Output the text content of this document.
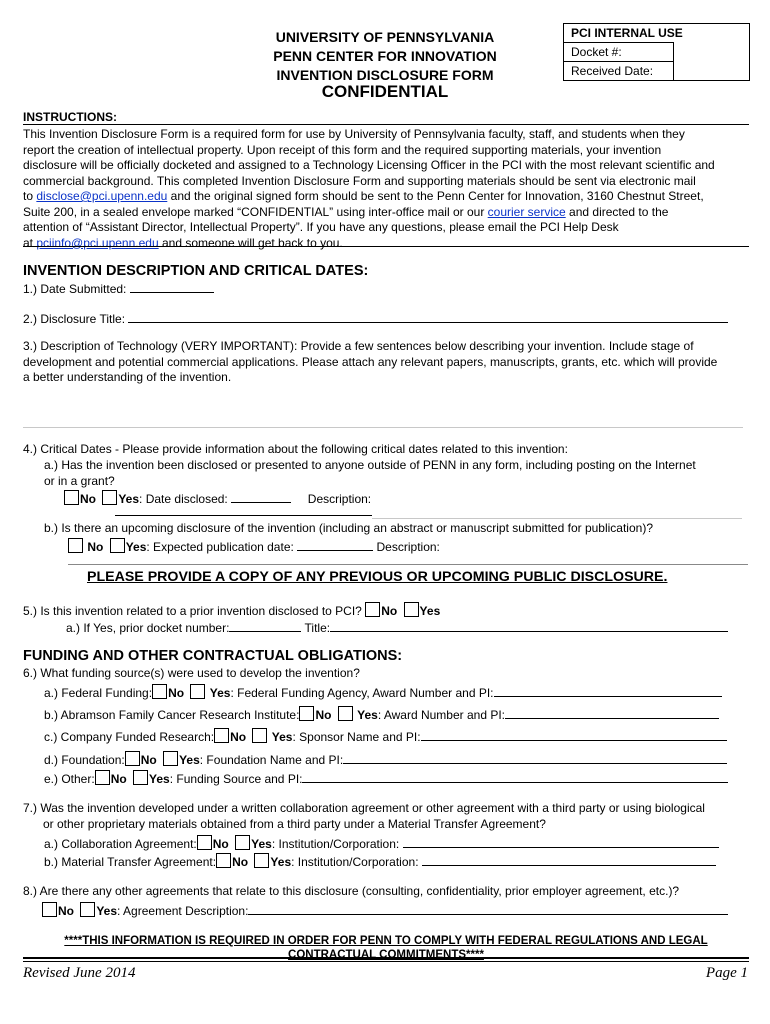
UNIVERSITY OF PENNSYLVANIA
PENN CENTER FOR INNOVATION
INVENTION DISCLOSURE FORM
CONFIDENTIAL
PCI INTERNAL USE
Docket #:
Received Date:
INSTRUCTIONS:
This Invention Disclosure Form is a required form for use by University of Pennsylvania faculty, staff, and students when they
report the creation of intellectual property. Upon receipt of this form and the required supporting materials, your invention
disclosure will be officially docketed and assigned to a Technology Licensing Officer in the PCI with the most relevant scientific and
commercial background. This completed Invention Disclosure Form and supporting materials should be sent via electronic mail
to disclose@pci.upenn.edu and the original signed form should be sent to the Penn Center for Innovation, 3160 Chestnut Street,
Suite 200, in a sealed envelope marked “CONFIDENTIAL” using inter-office mail or our courier service and directed to the
attention of “Assistant Director, Intellectual Property”. If you have any questions, please email the PCI Help Desk
at pciinfo@pci.upenn.edu and someone will get back to you.
INVENTION DESCRIPTION AND CRITICAL DATES:
1.) Date Submitted:
2.) Disclosure Title:
3.) Description of Technology (VERY IMPORTANT): Provide a few sentences below describing your invention. Include stage of
development and potential commercial applications. Please attach any relevant papers, manuscripts, grants, etc. which will provide
a better understanding of the invention.
4.) Critical Dates - Please provide information about the following critical dates related to this invention:
a.) Has the invention been disclosed or presented to anyone outside of PENN in any form, including posting on the Internet
or in a grant?
No Yes: Date disclosed:	Description:
b.) Is there an upcoming disclosure of the invention (including an abstract or manuscript submitted for publication)?
No Yes: Expected publication date:	Description:
PLEASE PROVIDE A COPY OF ANY PREVIOUS OR UPCOMING PUBLIC DISCLOSURE.
5.) Is this invention related to a prior invention disclosed to PCI? No Yes
a.) If Yes, prior docket number:	Title:
FUNDING AND OTHER CONTRACTUAL OBLIGATIONS:
6.) What funding source(s) were used to develop the invention?
a.) Federal Funding: No Yes: Federal Funding Agency, Award Number and PI:
b.) Abramson Family Cancer Research Institute: No Yes: Award Number and PI:
c.) Company Funded Research: No Yes: Sponsor Name and PI:
d.) Foundation: No Yes: Foundation Name and PI:
e.) Other: No Yes: Funding Source and PI:
7.) Was the invention developed under a written collaboration agreement or other agreement with a third party or using biological
or other proprietary materials obtained from a third party under a Material Transfer Agreement?
a.) Collaboration Agreement: No Yes: Institution/Corporation:
b.) Material Transfer Agreement: No Yes: Institution/Corporation:
8.) Are there any other agreements that relate to this disclosure (consulting, confidentiality, prior employer agreement, etc.)?
No Yes: Agreement Description:
****THIS INFORMATION IS REQUIRED IN ORDER FOR PENN TO COMPLY WITH FEDERAL REGULATIONS AND LEGAL
CONTRACTUAL COMMITMENTS****
Revised June 2014	Page 1
